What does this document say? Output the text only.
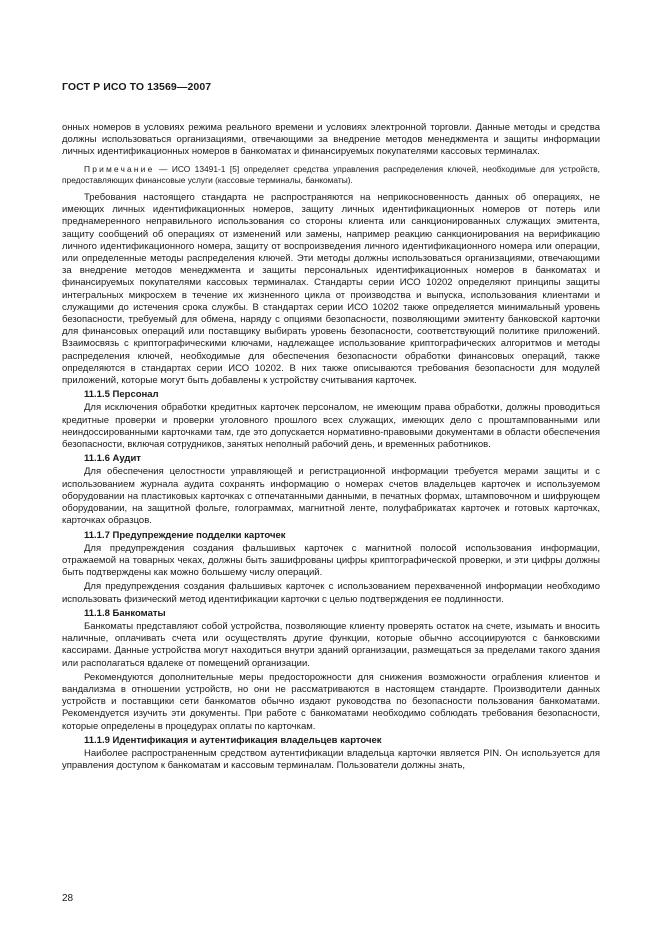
ГОСТ Р ИСО ТО 13569—2007

онных номеров в условиях режима реального времени и условиях электронной торговли. Данные методы и средства должны использоваться организациями, отвечающими за внедрение методов менеджмента и защиты информации личных идентификационных номеров в банкоматах и финансируемых покупателями кассовых терминалах.

Примечание — ИСО 13491-1 [5] определяет средства управления распределения ключей, необходимые для устройств, предоставляющих финансовые услуги (кассовые терминалы, банкоматы).

Требования настоящего стандарта не распространяются на неприкосновенность данных об операциях, не имеющих личных идентификационных номеров, защиту личных идентификационных номеров от потерь или преднамеренного неправильного использования со стороны клиента или санкционированных служащих эмитента, защиту сообщений об операциях от изменений или замены, например реакцию санкционирования на верификацию личного идентификационного номера, защиту от воспроизведения личного идентификационного номера или операции, или определенные методы распределения ключей. Эти методы должны использоваться организациями, отвечающими за внедрение методов менеджмента и защиты персональных идентификационных номеров в банкоматах и финансируемых покупателями кассовых терминалах. Стандарты серии ИСО 10202 определяют принципы защиты интегральных микросхем в течение их жизненного цикла от производства и выпуска, использования клиентами и служащими до истечения срока службы. В стандартах серии ИСО 10202 также определяется минимальный уровень безопасности, требуемый для обмена, наряду с опциями безопасности, позволяющими эмитенту банковской карточки для финансовых операций или поставщику выбирать уровень безопасности, соответствующий политике приложений. Взаимосвязь с криптографическими ключами, надлежащее использование криптографических алгоритмов и методы распределения ключей, необходимые для обеспечения безопасности обработки финансовых операций, также определяются в стандартах серии ИСО 10202. В них также описываются требования безопасности для модулей приложений, которые могут быть добавлены к устройству считывания карточек.

11.1.5 Персонал

Для исключения обработки кредитных карточек персоналом, не имеющим права обработки, должны проводиться кредитные проверки и проверки уголовного прошлого всех служащих, имеющих дело с проштампованными или неиндоссированными карточками там, где это допускается нормативно-правовыми документами в области обеспечения безопасности, включая сотрудников, занятых неполный рабочий день, и временных работников.

11.1.6 Аудит

Для обеспечения целостности управляющей и регистрационной информации требуется мерами защиты и с использованием журнала аудита сохранять информацию о номерах счетов владельцев карточек и используемом оборудовании на пластиковых карточках с отпечатанными данными, в печатных формах, штамповочном и шифрующем оборудовании, на защитной фольге, голограммах, магнитной ленте, полуфабрикатах карточек и готовых карточках, карточках образцов.

11.1.7 Предупреждение подделки карточек

Для предупреждения создания фальшивых карточек с магнитной полосой использования информации, отражаемой на товарных чеках, должны быть зашифрованы цифры криптографической проверки, и эти цифры должны быть подтверждены как можно большему числу операций.

Для предупреждения создания фальшивых карточек с использованием перехваченной информации необходимо использовать физический метод идентификации карточки с целью подтверждения ее подлинности.

11.1.8 Банкоматы

Банкоматы представляют собой устройства, позволяющие клиенту проверять остаток на счете, изымать и вносить наличные, оплачивать счета или осуществлять другие функции, которые обычно ассоциируются с банковскими кассирами. Данные устройства могут находиться внутри зданий организации, размещаться за пределами такого здания или располагаться вдалеке от помещений организации.

Рекомендуются дополнительные меры предосторожности для снижения возможности ограбления клиентов и вандализма в отношении устройств, но они не рассматриваются в настоящем стандарте. Производители данных устройств и поставщики сети банкоматов обычно издают руководства по безопасности пользования банкоматами. Рекомендуется изучить эти документы. При работе с банкоматами необходимо соблюдать требования безопасности, которые определены в процедурах оплаты по карточкам.

11.1.9 Идентификация и аутентификация владельцев карточек

Наиболее распространенным средством аутентификации владельца карточки является PIN. Он используется для управления доступом к банкоматам и кассовым терминалам. Пользователи должны знать,

28
